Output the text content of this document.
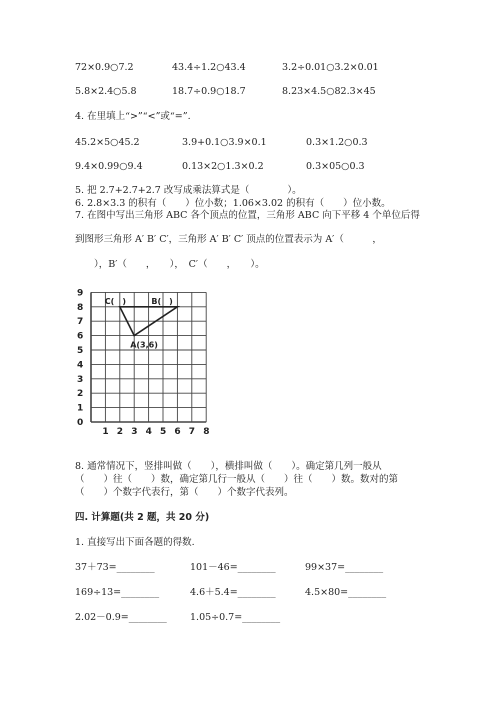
72×0.9○7.2	43.4÷1.2○43.4	3.2÷0.01○3.2×0.01
5.8×2.4○5.8	18.7÷0.9○18.7	8.23×4.5○82.3×45
4. 在里填上“>”“<”或“=”.
45.2×5○45.2	3.9+0.1○3.9×0.1	0.3×1.2○0.3
9.4×0.99○9.4	0.13×2○1.3×0.2	0.3×05○0.3
5. 把 2.7+2.7+2.7 改写成乘法算式是（　　　　）。
6. 2.8×3.3 的积有（　　）位小数；1.06×3.02 的积有（　　）位小数。
7. 在图中写出三角形 ABC 各个顶点的位置，三角形 ABC 向下平移 4 个单位后得
到图形三角形 A′ B′ C′，三角形 A′ B′ C′ 顶点的位置表示为 A′（　　　，
　　），B′（　　，　　），　C′（　　，　　）。
0
1
2
3
4
5
6
7
8
9
1 2 3 4 5 6 7 8
A(3,6)
B(　)
C(　)
8. 通常情况下，竖排叫做（　　），横排叫做（　　）。确定第几列一般从
（　　）往（　　）数，确定第几行一般从（　　）往（　　）数。数对的第
（　　）个数字代表行，第（　　）个数字代表列。
四. 计算题(共 2 题，共 20 分)
1. 直接写出下面各题的得数.
37＋73=________	101－46=________	99×37=________
169÷13=________	4.6＋5.4=________	4.5×80=________
2.02－0.9=________ 1.05÷0.7=________
